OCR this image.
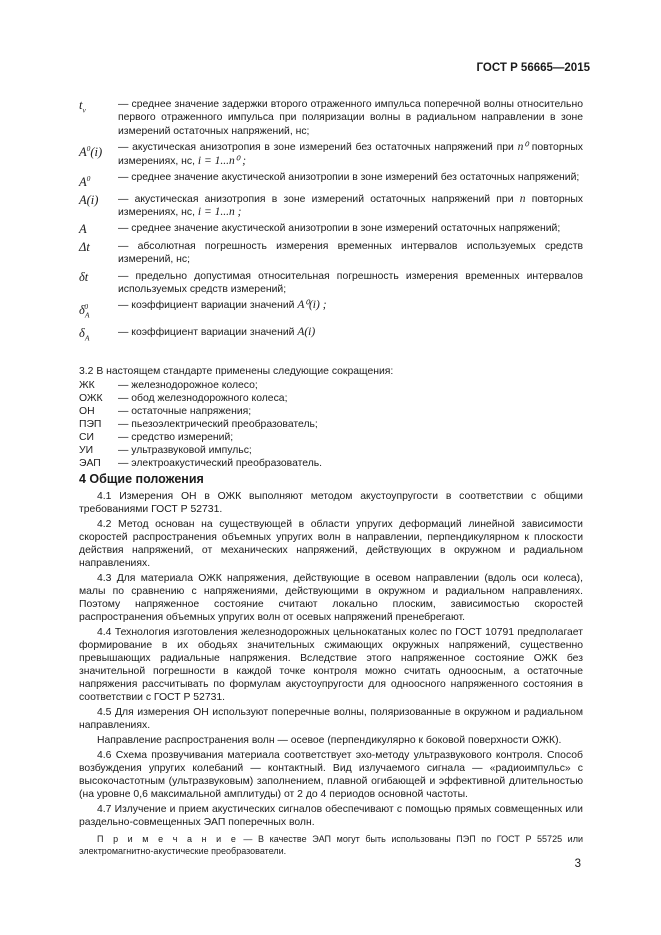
ГОСТ Р 56665—2015
$t_v$	— среднее значение задержки второго отраженного импульса поперечной волны относительно первого отраженного импульса при поляризации волны в радиальном направлении в зоне измерений остаточных напряжений, нс;
$A^0(i)$	— акустическая анизотропия в зоне измерений без остаточных напряжений при n⁰ повторных измерениях, нс, i = 1...n⁰ ;
$A^0$	— среднее значение акустической анизотропии в зоне измерений без остаточных напряжений;
A(i)	— акустическая анизотропия в зоне измерений остаточных напряжений при n повторных измерениях, нс, i = 1...n ;
A	— среднее значение акустической анизотропии в зоне измерений остаточных напряжений;
Δt	— абсолютная погрешность измерения временных интервалов используемых средств измерений, нс;
δt	— предельно допустимая относительная погрешность измерения временных интервалов используемых средств измерений;
$\delta_A^0$	— коэффициент вариации значений A⁰(i) ;
$\delta_A$	— коэффициент вариации значений A(i)
3.2 В настоящем стандарте применены следующие сокращения:
ЖК	— железнодорожное колесо;
ОЖК	— обод железнодорожного колеса;
ОН	— остаточные напряжения;
ПЭП	— пьезоэлектрический преобразователь;
СИ	— средство измерений;
УИ	— ультразвуковой импульс;
ЭАП	— электроакустический преобразователь.
4 Общие положения

4.1 Измерения ОН в ОЖК выполняют методом акустоупругости в соответствии с общими требованиями ГОСТ Р 52731.

4.2 Метод основан на существующей в области упругих деформаций линейной зависимости скоростей распространения объемных упругих волн в направлении, перпендикулярном к плоскости действия напряжений, от механических напряжений, действующих в окружном и радиальном направлениях.

4.3 Для материала ОЖК напряжения, действующие в осевом направлении (вдоль оси колеса), малы по сравнению с напряжениями, действующими в окружном и радиальном направлениях. Поэтому напряженное состояние считают локально плоским, зависимостью скоростей распространения объемных упругих волн от осевых напряжений пренебрегают.

4.4 Технология изготовления железнодорожных цельнокатаных колес по ГОСТ 10791 предполагает формирование в их ободьях значительных сжимающих окружных напряжений, существенно превышающих радиальные напряжения. Вследствие этого напряженное состояние ОЖК без значительной погрешности в каждой точке контроля можно считать одноосным, а остаточные напряжения рассчитывать по формулам акустоупругости для одноосного напряженного состояния в соответствии с ГОСТ Р 52731.

4.5 Для измерения ОН используют поперечные волны, поляризованные в окружном и радиальном направлениях.

Направление распространения волн — осевое (перпендикулярно к боковой поверхности ОЖК).

4.6 Схема прозвучивания материала соответствует эхо-методу ультразвукового контроля. Способ возбуждения упругих колебаний — контактный. Вид излучаемого сигнала — «радиоимпульс» с высокочастотным (ультразвуковым) заполнением, плавной огибающей и эффективной длительностью (на уровне 0,6 максимальной амплитуды) от 2 до 4 периодов основной частоты.

4.7 Излучение и прием акустических сигналов обеспечивают с помощью прямых совмещенных или раздельно-совмещенных ЭАП поперечных волн.

П р и м е ч а н и е — В качестве ЭАП могут быть использованы ПЭП по ГОСТ Р 55725 или электромагнитно-акустические преобразователи.
3
